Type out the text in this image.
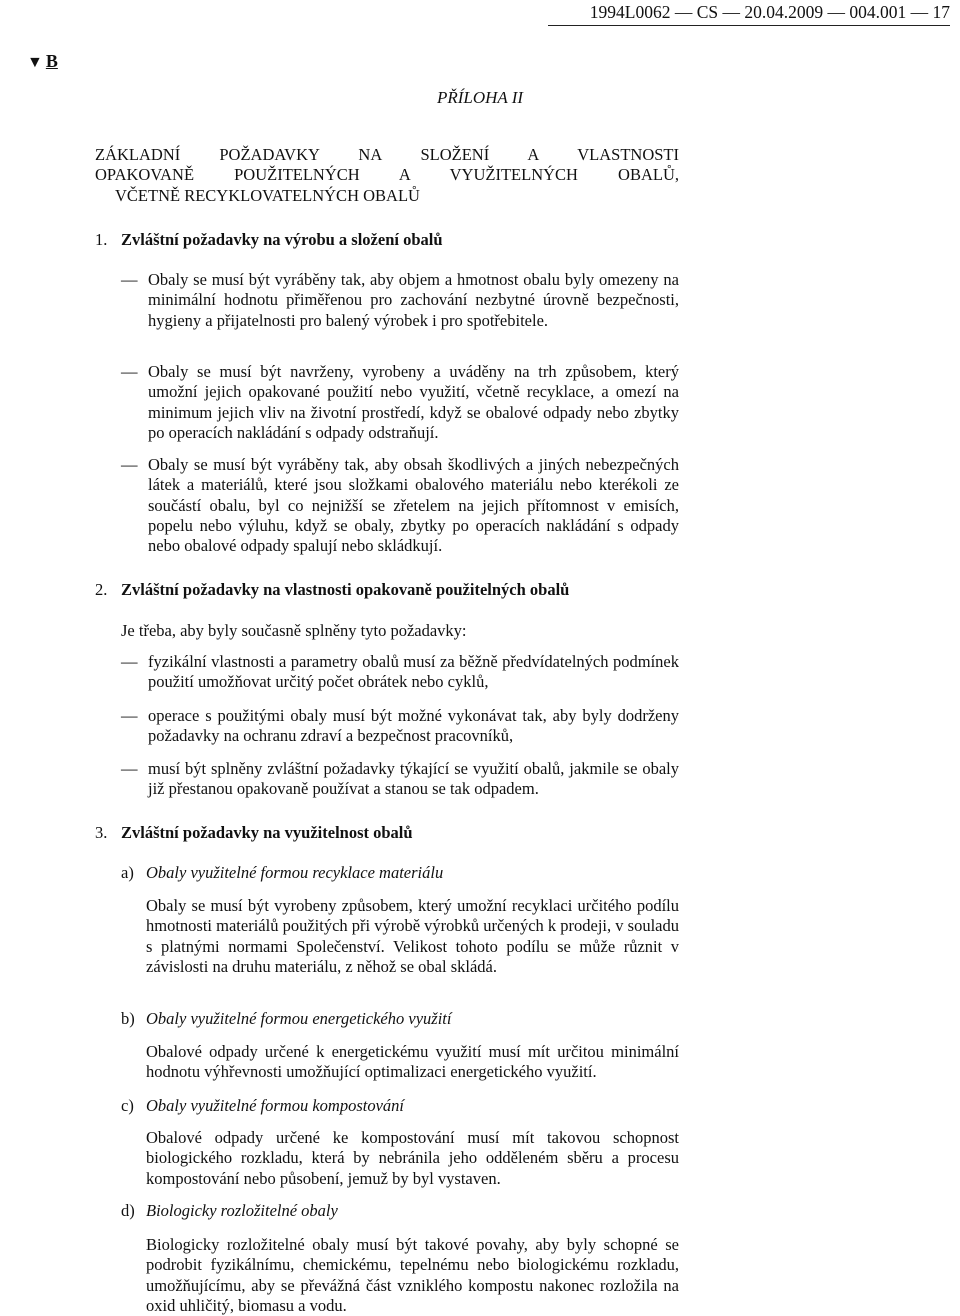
1994L0062 — CS — 20.04.2009 — 004.001 — 17
▼ B
PŘÍLOHA II
ZÁKLADNÍ POŽADAVKY NA SLOŽENÍ A VLASTNOSTI
OPAKOVANĚ POUŽITELNÝCH A VYUŽITELNÝCH OBALŮ,
VČETNĚ RECYKLOVATELNÝCH OBALŮ
1. Zvláštní požadavky na výrobu a složení obalů
— Obaly se musí být vyráběny tak, aby objem a hmotnost obalu byly omezeny na minimální hodnotu přiměřenou pro zachování nezbytné úrovně bezpečnosti, hygieny a přijatelnosti pro balený výrobek i pro spotřebitele.
— Obaly se musí být navrženy, vyrobeny a uváděny na trh způsobem, který umožní jejich opakované použití nebo využití, včetně recyklace, a omezí na minimum jejich vliv na životní prostředí, když se obalové odpady nebo zbytky po operacích nakládání s odpady odstraňují.
— Obaly se musí být vyráběny tak, aby obsah škodlivých a jiných nebezpečných látek a materiálů, které jsou složkami obalového materiálu nebo kterékoli ze součástí obalu, byl co nejnižší se zřetelem na jejich přítomnost v emisích, popelu nebo výluhu, když se obaly, zbytky po operacích nakládání s odpady nebo obalové odpady spalují nebo skládkují.
2. Zvláštní požadavky na vlastnosti opakovaně použitelných obalů
Je třeba, aby byly současně splněny tyto požadavky:
— fyzikální vlastnosti a parametry obalů musí za běžně předvídatelných podmínek použití umožňovat určitý počet obrátek nebo cyklů,
— operace s použitými obaly musí být možné vykonávat tak, aby byly dodrženy požadavky na ochranu zdraví a bezpečnost pracovníků,
— musí být splněny zvláštní požadavky týkající se využití obalů, jakmile se obaly již přestanou opakovaně používat a stanou se tak odpadem.
3. Zvláštní požadavky na využitelnost obalů
a) Obaly využitelné formou recyklace materiálu
Obaly se musí být vyrobeny způsobem, který umožní recyklaci určitého podílu hmotnosti materiálů použitých při výrobě výrobků určených k prodeji, v souladu s platnými normami Společenství. Velikost tohoto podílu se může různit v závislosti na druhu materiálu, z něhož se obal skládá.
b) Obaly využitelné formou energetického využití
Obalové odpady určené k energetickému využití musí mít určitou minimální hodnotu výhřevnosti umožňující optimalizaci energetického využití.
c) Obaly využitelné formou kompostování
Obalové odpady určené ke kompostování musí mít takovou schopnost biologického rozkladu, která by nebránila jeho odděleném sběru a procesu kompostování nebo působení, jemuž by byl vystaven.
d) Biologicky rozložitelné obaly
Biologicky rozložitelné obaly musí být takové povahy, aby byly schopné se podrobit fyzikálnímu, chemickému, tepelnému nebo biologickému rozkladu, umožňujícímu, aby se převážná část vzniklého kompostu nakonec rozložila na oxid uhličitý, biomasu a vodu.
